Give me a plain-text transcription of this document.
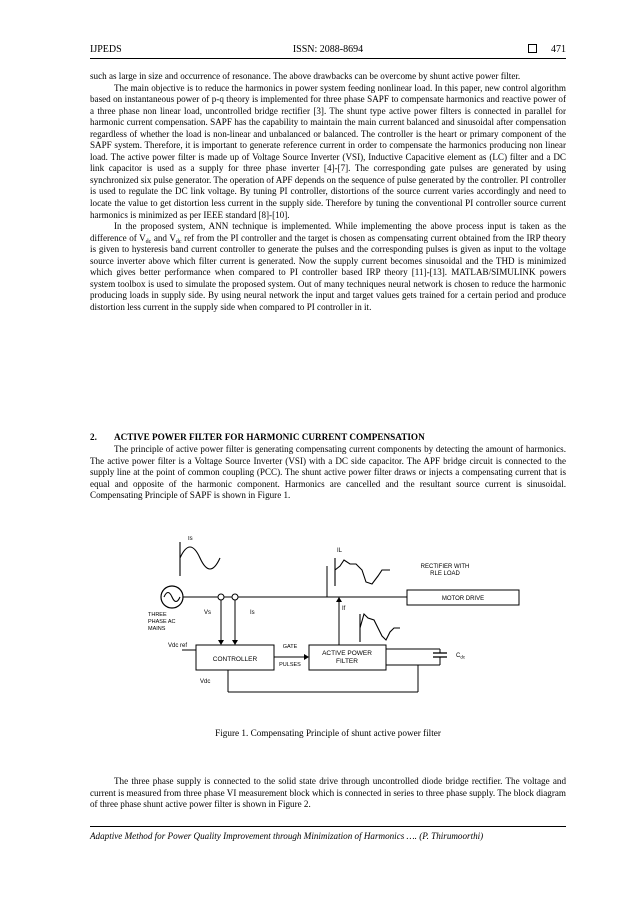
IJPEDS	ISSN: 2088-8694	471

such as large in size and occurrence of resonance. The above drawbacks can be overcome by shunt active power filter.

The main objective is to reduce the harmonics in power system feeding nonlinear load. In this paper, new control algorithm based on instantaneous power of p-q theory is implemented for three phase SAPF to compensate harmonics and reactive power of a three phase non linear load, uncontrolled bridge rectifier [3]. The shunt type active power filters is connected in parallel for harmonic current compensation. SAPF has the capability to maintain the main current balanced and sinusoidal after compensation regardless of whether the load is non-linear and unbalanced or balanced. The controller is the heart or primary component of the SAPF system. Therefore, it is important to generate reference current in order to compensate the harmonics producing non linear load. The active power filter is made up of Voltage Source Inverter (VSI), Inductive Capacitive element as (LC) filter and a DC link capacitor is used as a supply for three phase inverter [4]-[7]. The corresponding gate pulses are generated by using synchronized six pulse generator. The operation of APF depends on the sequence of pulse generated by the controller. PI controller is used to regulate the DC link voltage. By tuning PI controller, distortions of the source current varies accordingly and need to locate the value to get distortion less current in the supply side. Therefore by tuning the conventional PI controller source current harmonics is minimized as per IEEE standard [8]-[10].

In the proposed system, ANN technique is implemented. While implementing the above process input is taken as the difference of $V_{dc}$ and $V_{dc}$ ref from the PI controller and the target is chosen as compensating current obtained from the IRP theory is given to hysteresis band current controller to generate the pulses and the corresponding pulses is given as input to the voltage source inverter above which filter current is generated. Now the supply current becomes sinusoidal and the THD is minimized which gives better performance when compared to PI controller based IRP theory [11]-[13]. MATLAB/SIMULINK powers system toolbox is used to simulate the proposed system. Out of many techniques neural network is chosen to reduce the harmonic producing loads in supply side. By using neural network the input and target values gets trained for a certain period and produce distortion less current in the supply side when compared to PI controller in it.

2. ACTIVE POWER FILTER FOR HARMONIC CURRENT COMPENSATION

The principle of active power filter is generating compensating current components by detecting the amount of harmonics. The active power filter is a Voltage Source Inverter (VSI) with a DC side capacitor. The APF bridge circuit is connected to the supply line at the point of common coupling (PCC). The shunt active power filter draws or injects a compensating current that is equal and opposite of the harmonic component. Harmonics are cancelled and the resultant source current is sinusoidal. Compensating Principle of SAPF is shown in Figure 1.

Is
IL
RECTIFIER WITH
RLE LOAD
MOTOR DRIVE
THREE
PHASE AC
MAINS
Vs	Is
If
CONTROLLER
Vdc ref	GATE
PULSES
ACTIVE POWER
FILTER
$C_{dc}$
Vdc
Figure 1. Compensating Principle of shunt active power filter

The three phase supply is connected to the solid state drive through uncontrolled diode bridge rectifier. The voltage and current is measured from three phase VI measurement block which is connected in series to three phase supply. The block diagram of three phase shunt active power filter is shown in Figure 2.

Adaptive Method for Power Quality Improvement through Minimization of Harmonics …. (P. Thirumoorthi)
